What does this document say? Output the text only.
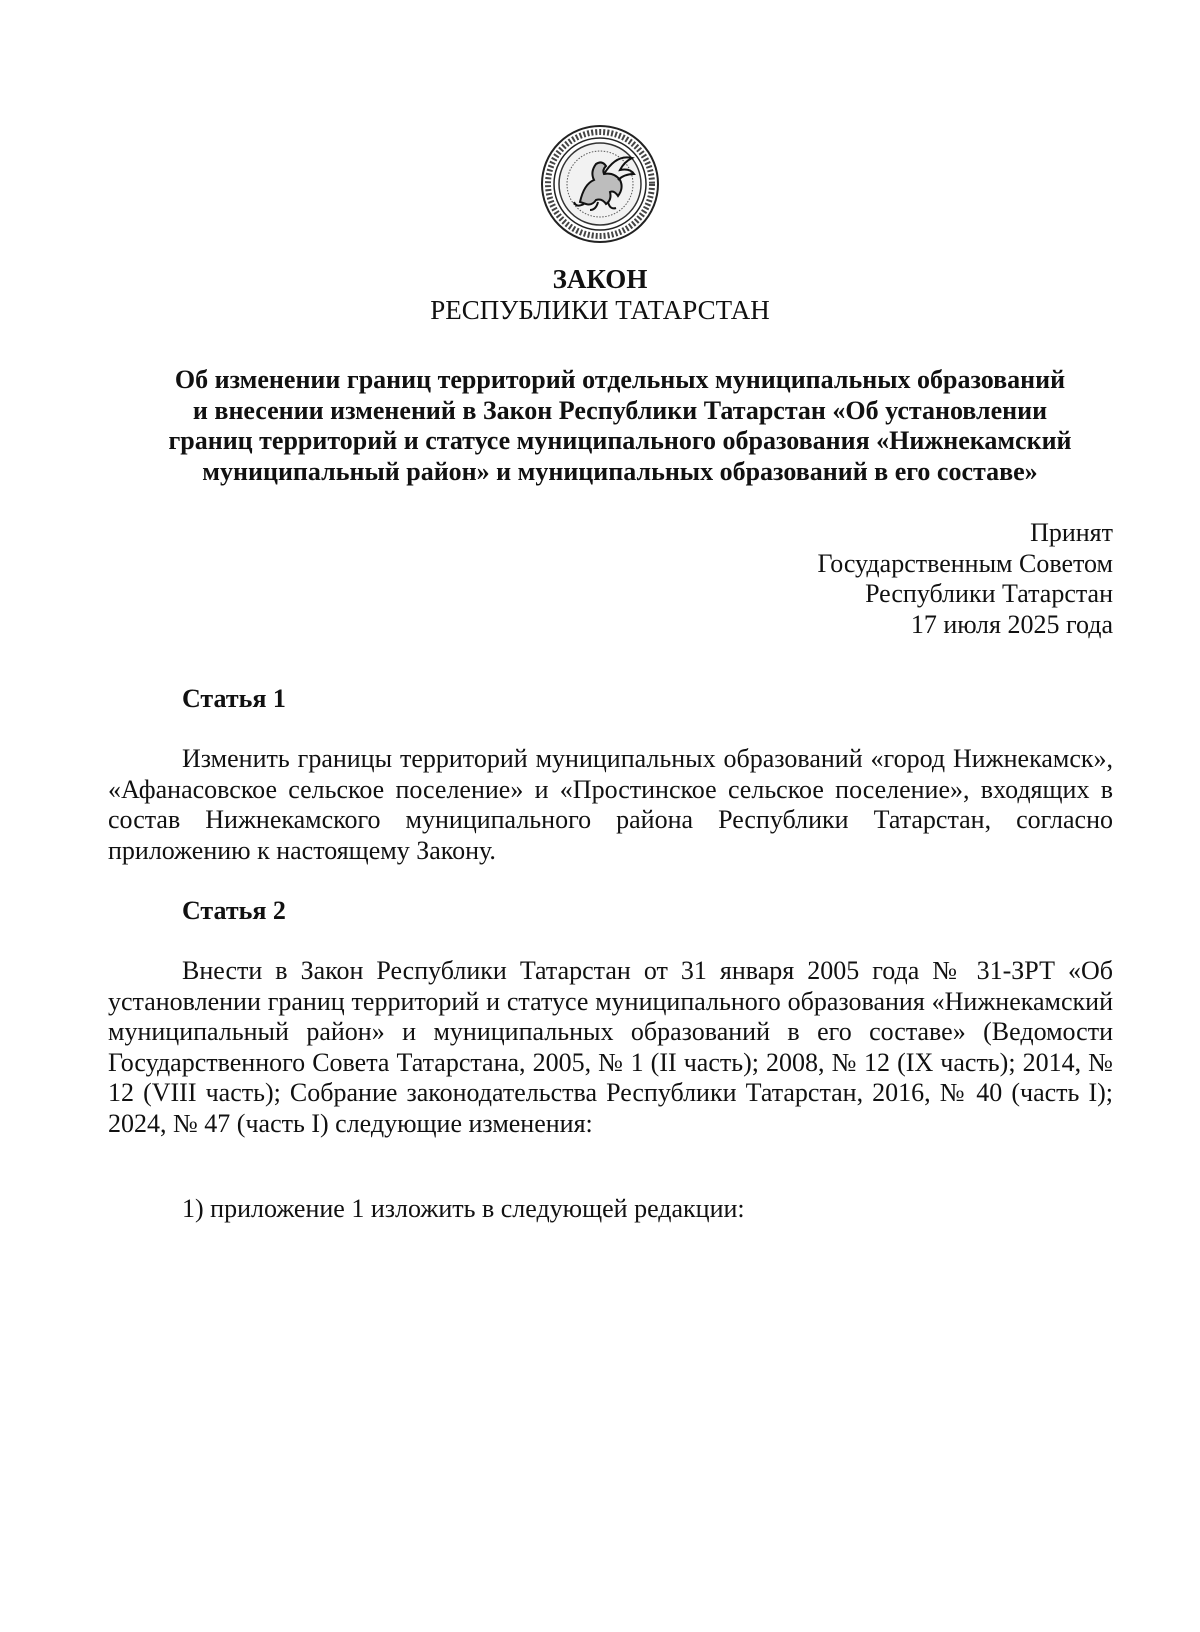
ЗАКОН
РЕСПУБЛИКИ ТАТАРСТАН
Об изменении границ территорий отдельных муниципальных образований
и внесении изменений в Закон Республики Татарстан «Об установлении
границ территорий и статусе муниципального образования «Нижнекамский
муниципальный район» и муниципальных образований в его составе»
Принят
Государственным Советом
Республики Татарстан
17 июля 2025 года
Статья 1

Изменить границы территорий муниципальных образований «город Нижнекамск», «Афанасовское сельское поселение» и «Простинское сельское поселение», входящих в состав Нижнекамского муниципального района Республики Татарстан, согласно приложению к настоящему Закону.

Статья 2

Внести в Закон Республики Татарстан от 31 января 2005 года № 31-ЗРТ «Об установлении границ территорий и статусе муниципального образования «Нижнекамский муниципальный район» и муниципальных образований в его составе» (Ведомости Государственного Совета Татарстана, 2005, № 1 (II часть); 2008, № 12 (IX часть); 2014, № 12 (VIII часть); Собрание законодательства Республики Татарстан, 2016, № 40 (часть I); 2024, № 47 (часть I) следующие изменения:

1) приложение 1 изложить в следующей редакции:
